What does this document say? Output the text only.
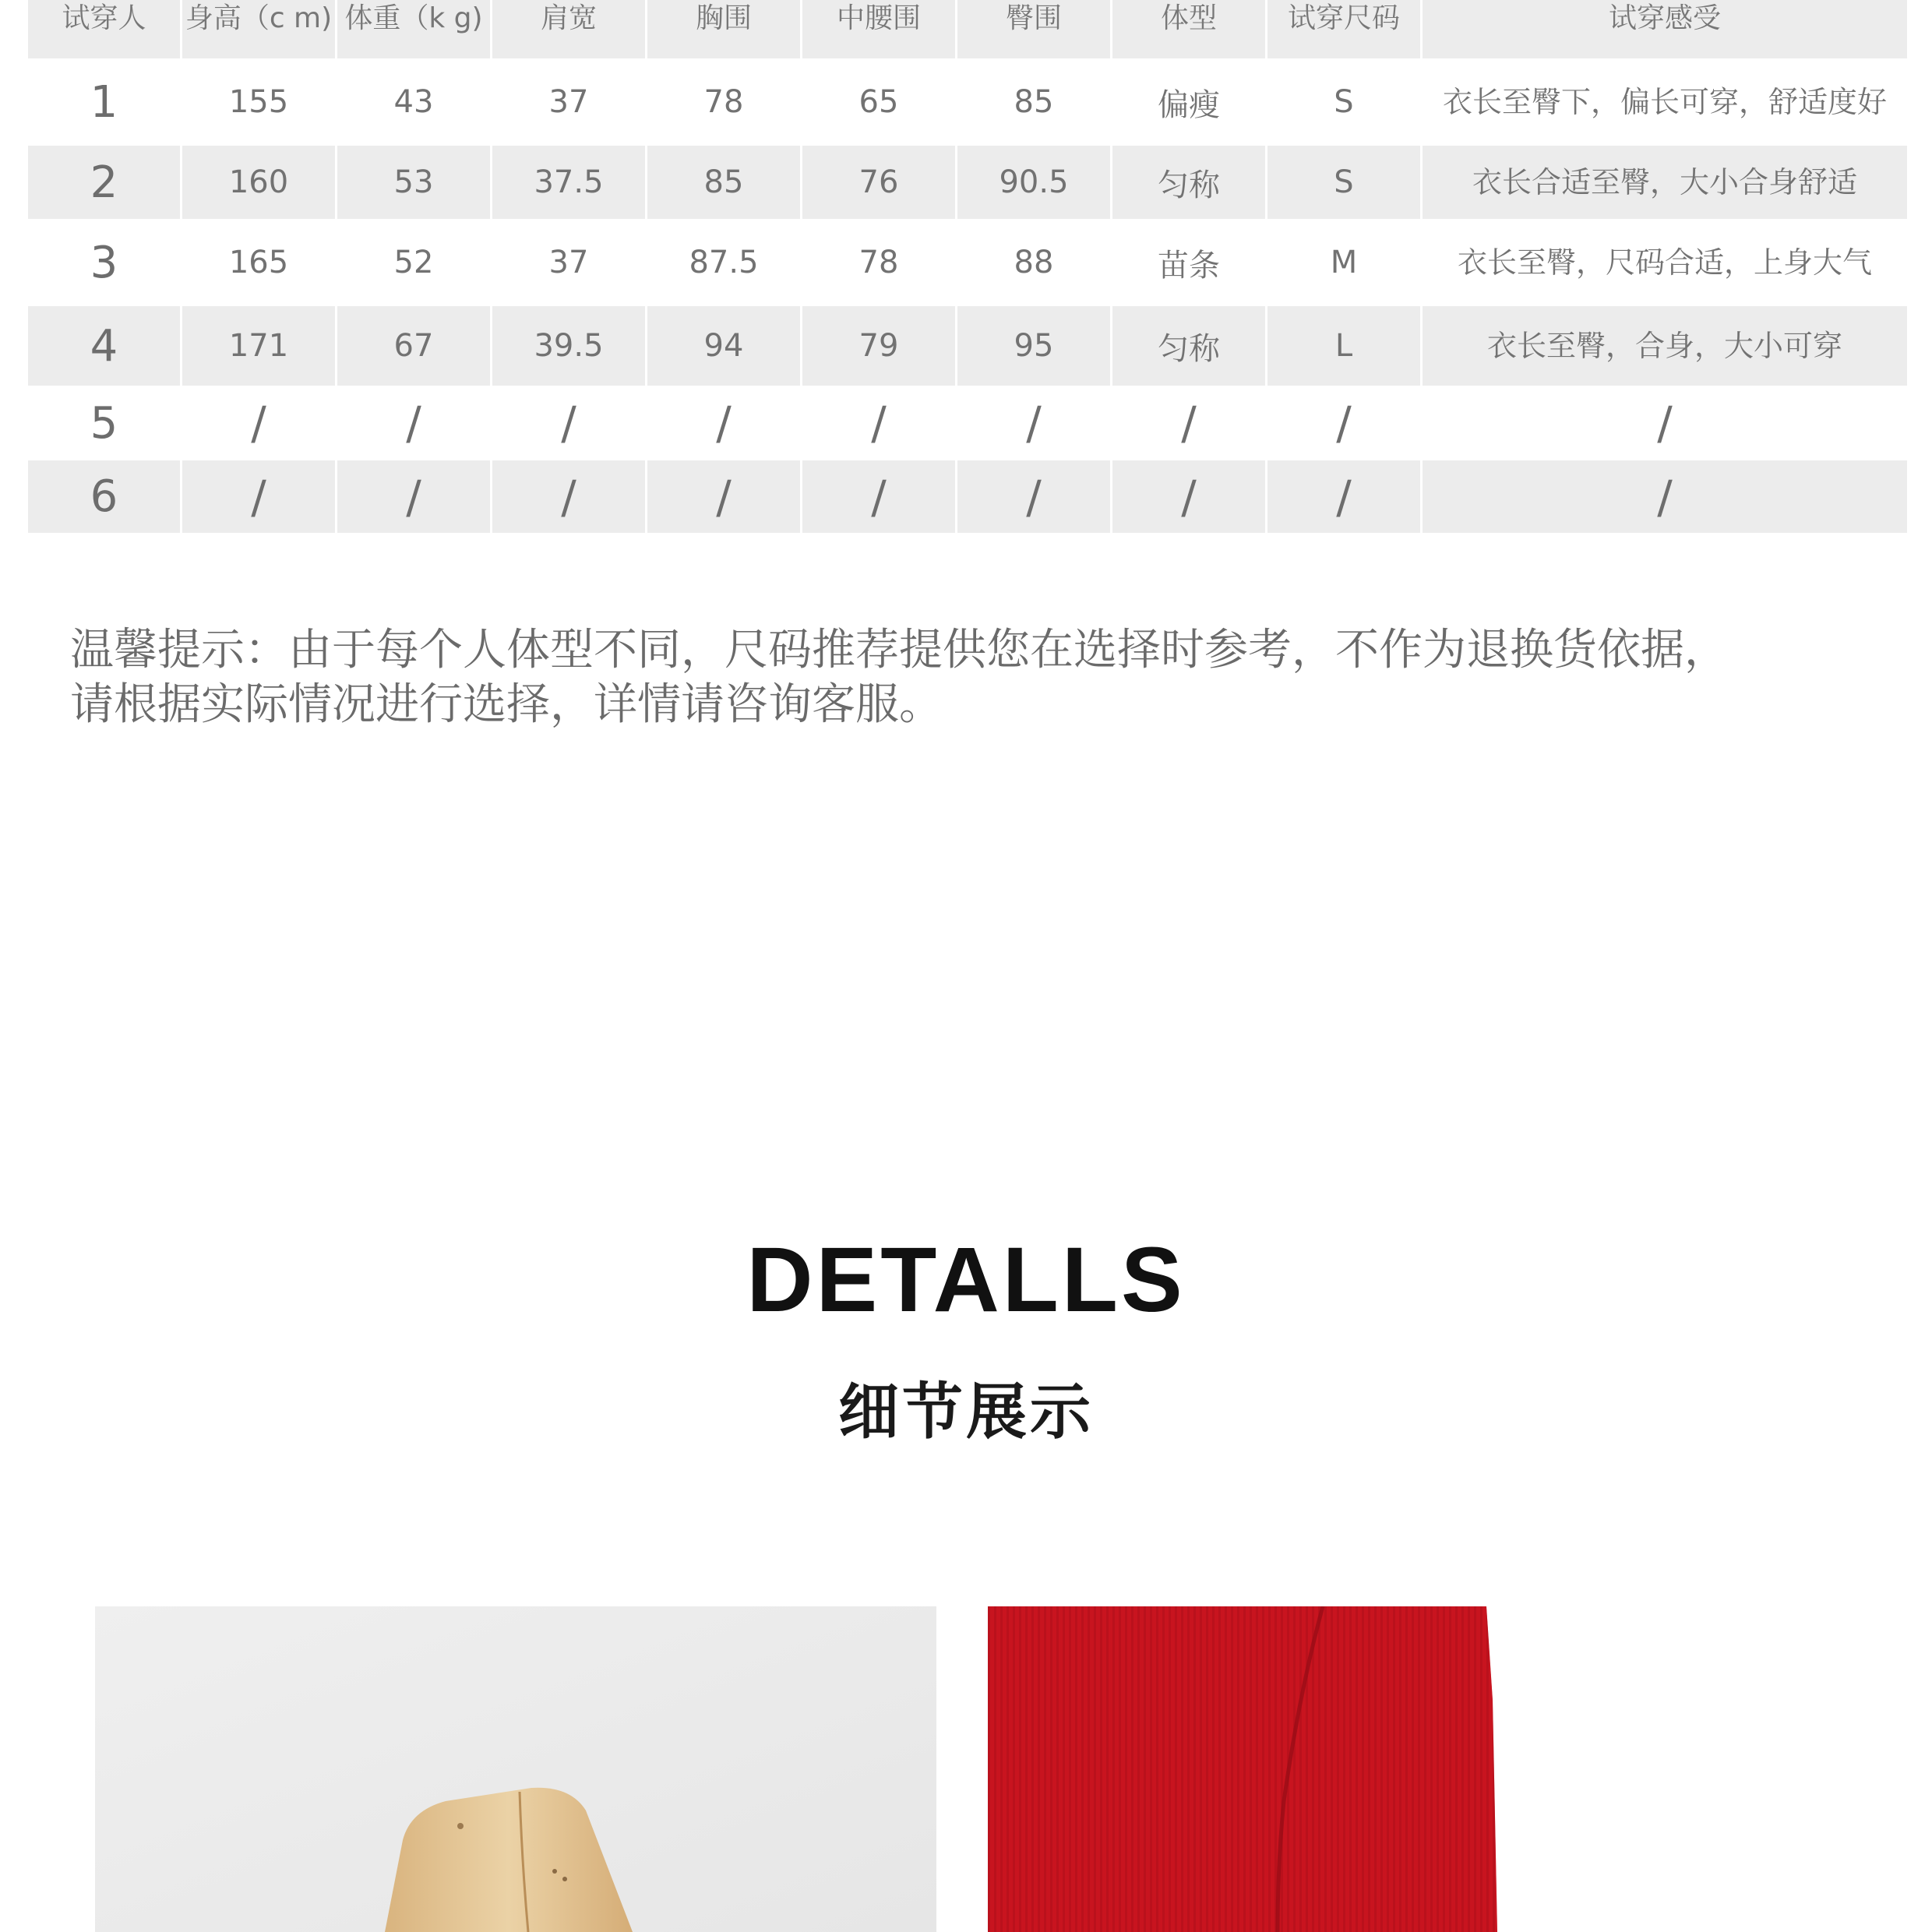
试穿人	身高（c m)	体重（k g)	肩宽	胸围	中腰围	臀围	体型	试穿尺码	试穿感受
1	155	43	37	78	65	85	偏瘦	S	衣长至臀下，偏长可穿，舒适度好
2	160	53	37.5	85	76	90.5	匀称	S	衣长合适至臀，大小合身舒适
3	165	52	37	87.5	78	88	苗条	M	衣长至臀，尺码合适，上身大气
4	171	67	39.5	94	79	95	匀称	L	衣长至臀，合身，大小可穿
5	/	/	/	/	/	/	/	/	/
6	/	/	/	/	/	/	/	/	/

温馨提示：由于每个人体型不同，尺码推荐提供您在选择时参考，不作为退换货依据，

请根据实际情况进行选择，详情请咨询客服。

DETALLS
细节展示
